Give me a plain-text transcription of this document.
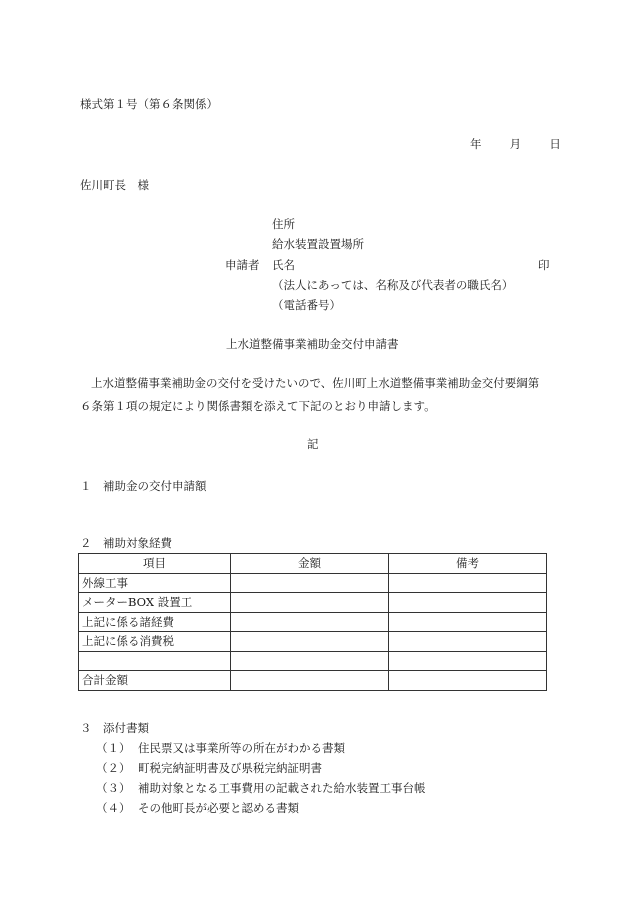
様式第１号（第６条関係）
年 月 日
佐川町長　様
住所
給水装置設置場所
申請者 氏名	印
（法人にあっては、名称及び代表者の職氏名）
（電話番号）
上水道整備事業補助金交付申請書
上水道整備事業補助金の交付を受けたいので、佐川町上水道整備事業補助金交付要綱第
６条第１項の規定により関係書類を添えて下記のとおり申請します。
記
１　補助金の交付申請額
２　補助対象経費
項目	金額	備考
外線工事		
メーターBOX 設置工		
上記に係る諸経費		
上記に係る消費税		

合計金額		
３　添付書類
（１） 住民票又は事業所等の所在がわかる書類
（２） 町税完納証明書及び県税完納証明書
（３） 補助対象となる工事費用の記載された給水装置工事台帳
（４） その他町長が必要と認める書類
